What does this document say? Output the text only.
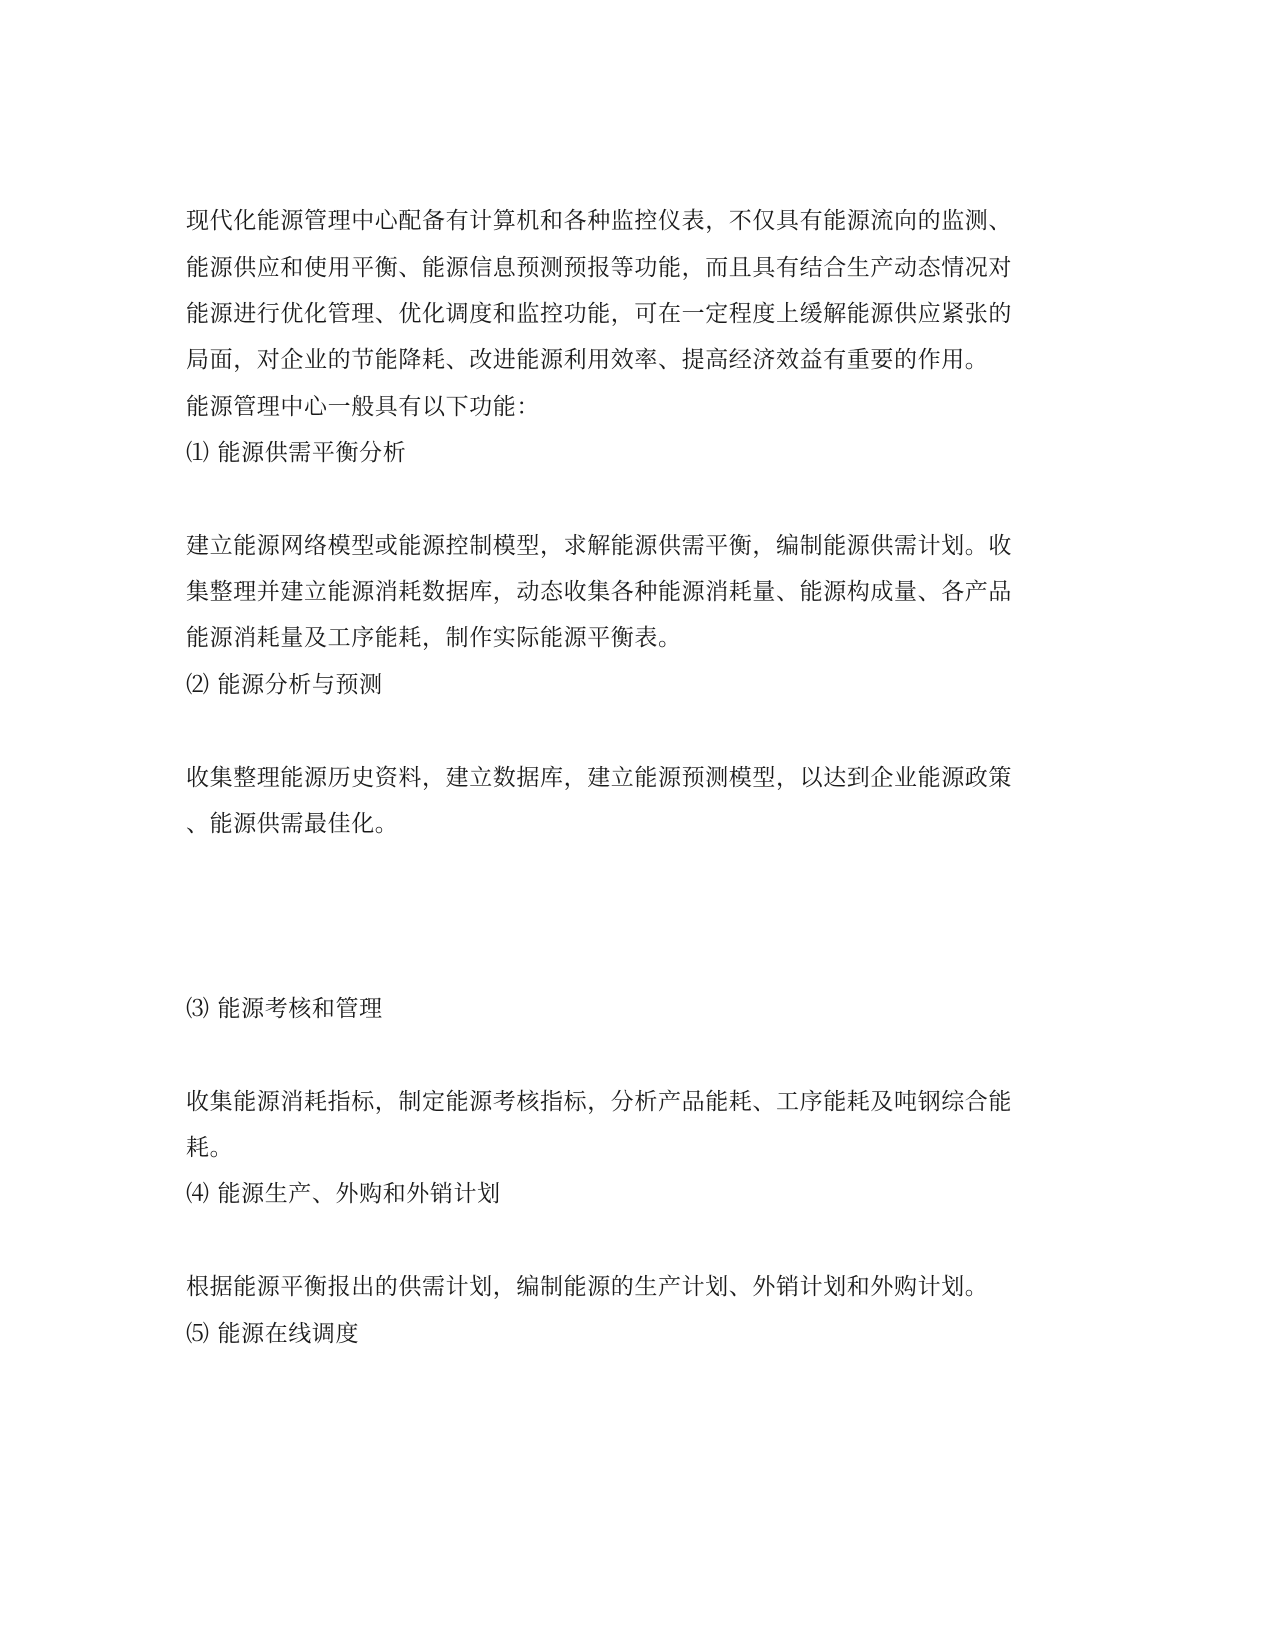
现代化能源管理中心配备有计算机和各种监控仪表，不仅具有能源流向的监测、
能源供应和使用平衡、能源信息预测预报等功能，而且具有结合生产动态情况对
能源进行优化管理、优化调度和监控功能，可在一定程度上缓解能源供应紧张的
局面，对企业的节能降耗、改进能源利用效率、提高经济效益有重要的作用。
能源管理中心一般具有以下功能：
⑴ 能源供需平衡分析
建立能源网络模型或能源控制模型，求解能源供需平衡，编制能源供需计划。收
集整理并建立能源消耗数据库，动态收集各种能源消耗量、能源构成量、各产品
能源消耗量及工序能耗，制作实际能源平衡表。
⑵ 能源分析与预测
收集整理能源历史资料，建立数据库，建立能源预测模型，以达到企业能源政策
、能源供需最佳化。
⑶ 能源考核和管理
收集能源消耗指标，制定能源考核指标，分析产品能耗、工序能耗及吨钢综合能
耗。
⑷ 能源生产、外购和外销计划
根据能源平衡报出的供需计划，编制能源的生产计划、外销计划和外购计划。
⑸ 能源在线调度
